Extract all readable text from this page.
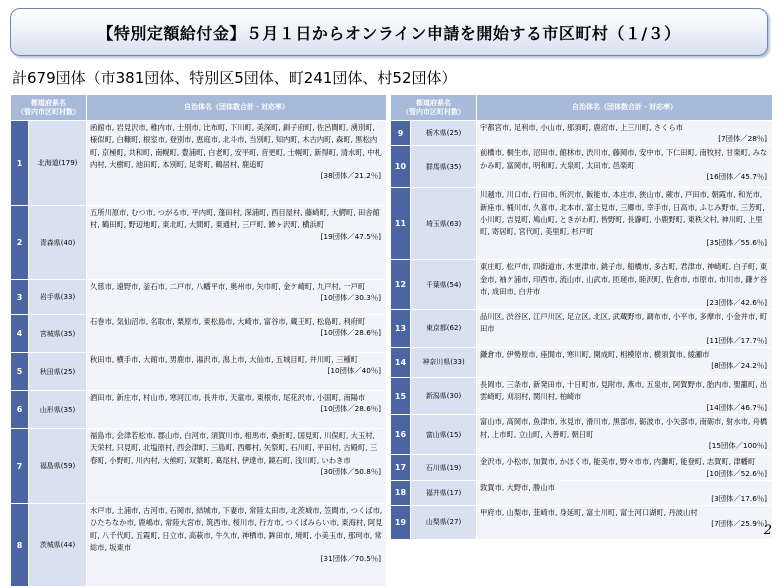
【特別定額給付金】５月１日からオンライン申請を開始する市区町村（１/３）
計679団体（市381団体、特別区5団体、町241団体、村52団体）
都道府県名
（管内市区町村数）		自治体名（団体数合計・対応率）
1	北海道(179)	函館市, 岩見沢市, 稚内市, 士別市, 比布町, 下川町, 美深町, 釧子府町, 佐呂間町, 湧別町, 様似町, 白糠町, 根室市, 登別市, 恵庭市, 北斗市, 当別町, 知内町, 木古内町, 森町, 黒松内町, 京極町, 共和町, 南幌町, 豊浦町, 白老町, 安平町, 音更町, 士幌町, 新得町, 清水町, 中札内村, 大樹町, 池田町, 本別町, 足寄町, 鶴居村, 鹿追町
[38団体／21.2％]

2	青森県(40)	五所川原市, むつ市, つがる市, 平内町, 蓬田村, 深浦町, 西目屋村, 藤崎町, 大鰐町, 田舎館村, 鶴田町, 野辺地町, 東北町, 大間町, 東通村, 三戸町, 鰺ヶ沢町, 横浜町
[19団体／47.5％]

3	岩手県(33)	久慈市, 遠野市, 釜石市, 二戸市, 八幡平市, 奥州市, 矢巾町, 金ケ崎町, 九戸村, 一戸町
[10団体／30.3％]

4	宮城県(35)	石巻市, 気仙沼市, 名取市, 栗原市, 東松島市, 大崎市, 富谷市, 蔵王町, 松島町, 利府町
[10団体／28.6％]

5	秋田県(25)	秋田市, 横手市, 大館市, 男鹿市, 湯沢市, 潟上市, 大仙市, 五城目町, 井川町, 三種町
[10団体／40％]

6	山形県(35)	酒田市, 新庄市, 村山市, 寒河江市, 長井市, 天童市, 東根市, 尾花沢市, 小国町, 南陽市
[10団体／28.6％]

7	福島県(59)	福島市, 会津若松市, 郡山市, 白河市, 須賀川市, 相馬市, 桑折町, 国見町, 川俣町, 大玉村, 天栄村, 只見町, 北塩原村, 西会津町, 三島町, 西郷村, 矢祭町, 石川町, 平田村, 古殿町, 三春町, 小野町, 川内村, 大熊町, 双葉町, 葛尾村, 伊達市, 鏡石町, 浅川町, いわき市
[30団体／50.8％]

8	茨城県(44)	水戸市, 土浦市, 古河市, 石岡市, 結城市, 下妻市, 常陸太田市, 北茨城市, 笠間市, つくば市, ひたちなか市, 鹿嶋市, 常陸大宮市, 筑西市, 桜川市, 行方市, つくばみらい市, 東海村, 阿見町, 八千代町, 五霞町, 日立市, 高萩市, 牛久市, 神栖市, 鉾田市, 境町, 小美玉市, 那珂市, 常総市, 坂東市
[31団体／70.5％]
都道府県名
（管内市区町村数）		自治体名（団体数合計・対応率）
9	栃木県(25)	宇都宮市, 足利市, 小山市, 那須町, 鹿沼市, 上三川町, さくら市
[7団体／28％]

10	群馬県(35)	前橋市, 桐生市, 沼田市, 館林市, 渋川市, 藤岡市, 安中市, 下仁田町, 南牧村, 甘楽町, みなかみ町, 富岡市, 明和町, 大泉町, 太田市, 邑楽町
[16団体／45.7％]

11	埼玉県(63)	川越市, 川口市, 行田市, 所沢市, 飯能市, 本庄市, 狭山市, 蕨市, 戸田市, 朝霞市, 和光市, 新座市, 桶川市, 久喜市, 北本市, 富士見市, 三郷市, 幸手市, 日高市, ふじみ野市, 三芳町, 小川町, 吉見町, 鳩山町, ときがわ町, 皆野町, 長瀞町, 小鹿野町, 東秩父村, 神川町, 上里町, 寄居町, 宮代町, 美里町, 杉戸町
[35団体／55.6％]

12	千葉県(54)	東庄町, 松戸市, 四街道市, 木更津市, 銚子市, 船橋市, 多古町, 君津市, 神崎町, 白子町, 東金市, 袖ケ浦市, 印西市, 流山市, 山武市, 匝瑳市, 睦沢町, 佐倉市, 市原市, 市川市, 鎌ケ谷市, 成田市, 白井市
[23団体／42.6％]

13	東京都(62)	品川区, 渋谷区, 江戸川区, 足立区, 北区, 武蔵野市, 調布市, 小平市, 多摩市, 小金井市, 町田市
[11団体／17.7％]

14	神奈川県(33)	鎌倉市, 伊勢原市, 座間市, 寒川町, 開成町, 相模原市, 横須賀市, 綾瀬市
[8団体／24.2％]

15	新潟県(30)	長岡市, 三条市, 新発田市, 十日町市, 見附市, 燕市, 五泉市, 阿賀野市, 胎内市, 聖籠町, 出雲崎町, 刈羽村, 関川村, 柏崎市
[14団体／46.7％]

16	富山県(15)	富山市, 高岡市, 魚津市, 氷見市, 滑川市, 黒部市, 砺波市, 小矢部市, 南砺市, 射水市, 舟橋村, 上市町, 立山町, 入善町, 朝日町
[15団体／100％]

17	石川県(19)	金沢市, 小松市, 加賀市, かほく市, 能美市, 野々市市, 内灘町, 能登町, 志賀町, 津幡町
[10団体／52.6％]

18	福井県(17)	敦賀市, 大野市, 勝山市
[3団体／17.6％]

19	山梨県(27)	甲府市, 山梨市, 韮崎市, 身延町, 富士川町, 富士河口湖町, 丹波山村
[7団体／25.9％]
2
